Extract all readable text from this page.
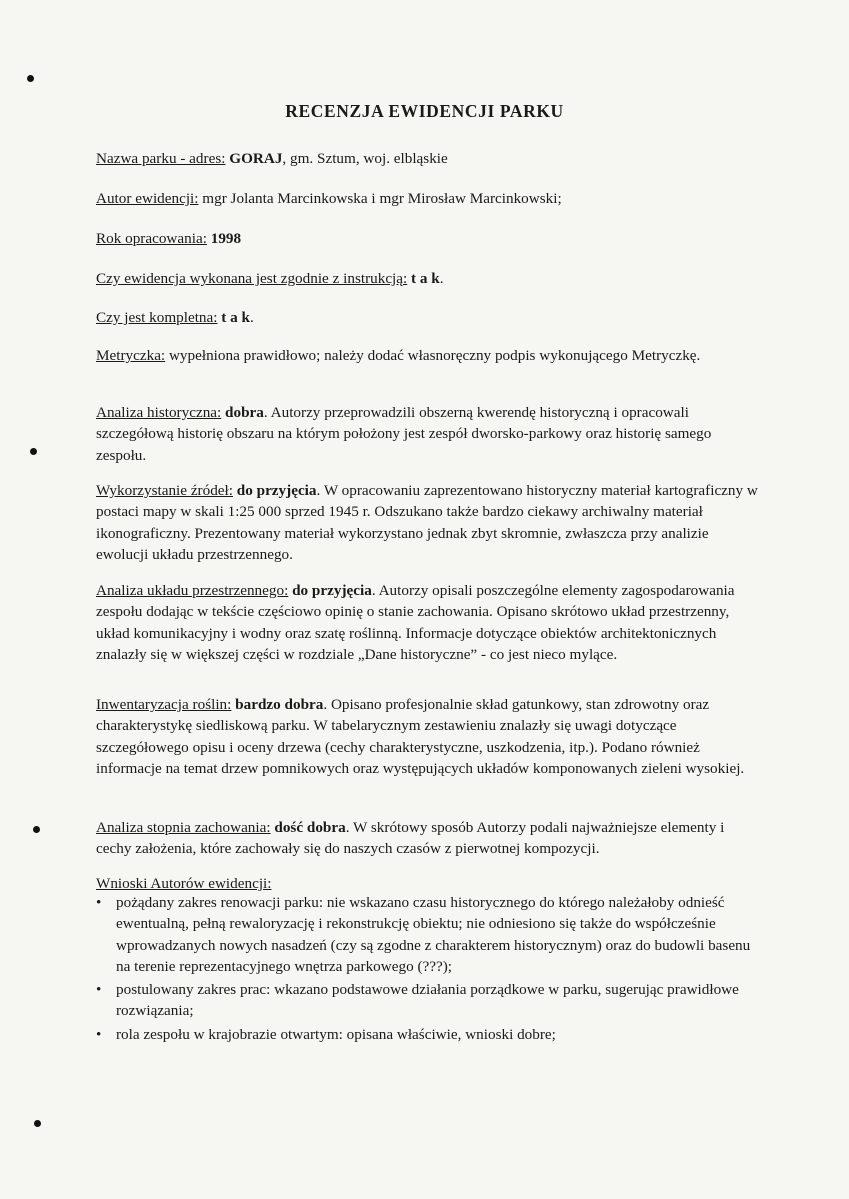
RECENZJA EWIDENCJI PARKU
Nazwa parku - adres: GORAJ, gm. Sztum, woj. elbląskie
Autor ewidencji: mgr Jolanta Marcinkowska i mgr Mirosław Marcinkowski;
Rok opracowania: 1998
Czy ewidencja wykonana jest zgodnie z instrukcją: t a k.
Czy jest kompletna: t a k.
Metryczka: wypełniona prawidłowo; należy dodać własnoręczny podpis wykonującego Metryczkę.
Analiza historyczna: dobra. Autorzy przeprowadzili obszerną kwerendę historyczną i opracowali szczegółową historię obszaru na którym położony jest zespół dworsko-parkowy oraz historię samego zespołu.
Wykorzystanie źródeł: do przyjęcia. W opracowaniu zaprezentowano historyczny materiał kartograficzny w postaci mapy w skali 1:25 000 sprzed 1945 r. Odszukano także bardzo ciekawy archiwalny materiał ikonograficzny. Prezentowany materiał wykorzystano jednak zbyt skromnie, zwłaszcza przy analizie ewolucji układu przestrzennego.
Analiza układu przestrzennego: do przyjęcia. Autorzy opisali poszczególne elementy zagospodarowania zespołu dodając w tekście częściowo opinię o stanie zachowania. Opisano skrótowo układ przestrzenny, układ komunikacyjny i wodny oraz szatę roślinną. Informacje dotyczące obiektów architektonicznych znalazły się w większej części w rozdziale „Dane historyczne” - co jest nieco mylące.
Inwentaryzacja roślin: bardzo dobra. Opisano profesjonalnie skład gatunkowy, stan zdrowotny oraz charakterystykę siedliskową parku. W tabelarycznym zestawieniu znalazły się uwagi dotyczące szczegółowego opisu i oceny drzewa (cechy charakterystyczne, uszkodzenia, itp.). Podano również informacje na temat drzew pomnikowych oraz występujących układów komponowanych zieleni wysokiej.
Analiza stopnia zachowania: dość dobra. W skrótowy sposób Autorzy podali najważniejsze elementy i cechy założenia, które zachowały się do naszych czasów z pierwotnej kompozycji.
Wnioski Autorów ewidencji:
• pożądany zakres renowacji parku: nie wskazano czasu historycznego do którego należałoby odnieść ewentualną, pełną rewaloryzację i rekonstrukcję obiektu; nie odniesiono się także do współcześnie wprowadzanych nowych nasadzeń (czy są zgodne z charakterem historycznym) oraz do budowli basenu na terenie reprezentacyjnego wnętrza parkowego (???);
• postulowany zakres prac: wkazano podstawowe działania porządkowe w parku, sugerując prawidłowe rozwiązania;
• rola zespołu w krajobrazie otwartym: opisana właściwie, wnioski dobre;
